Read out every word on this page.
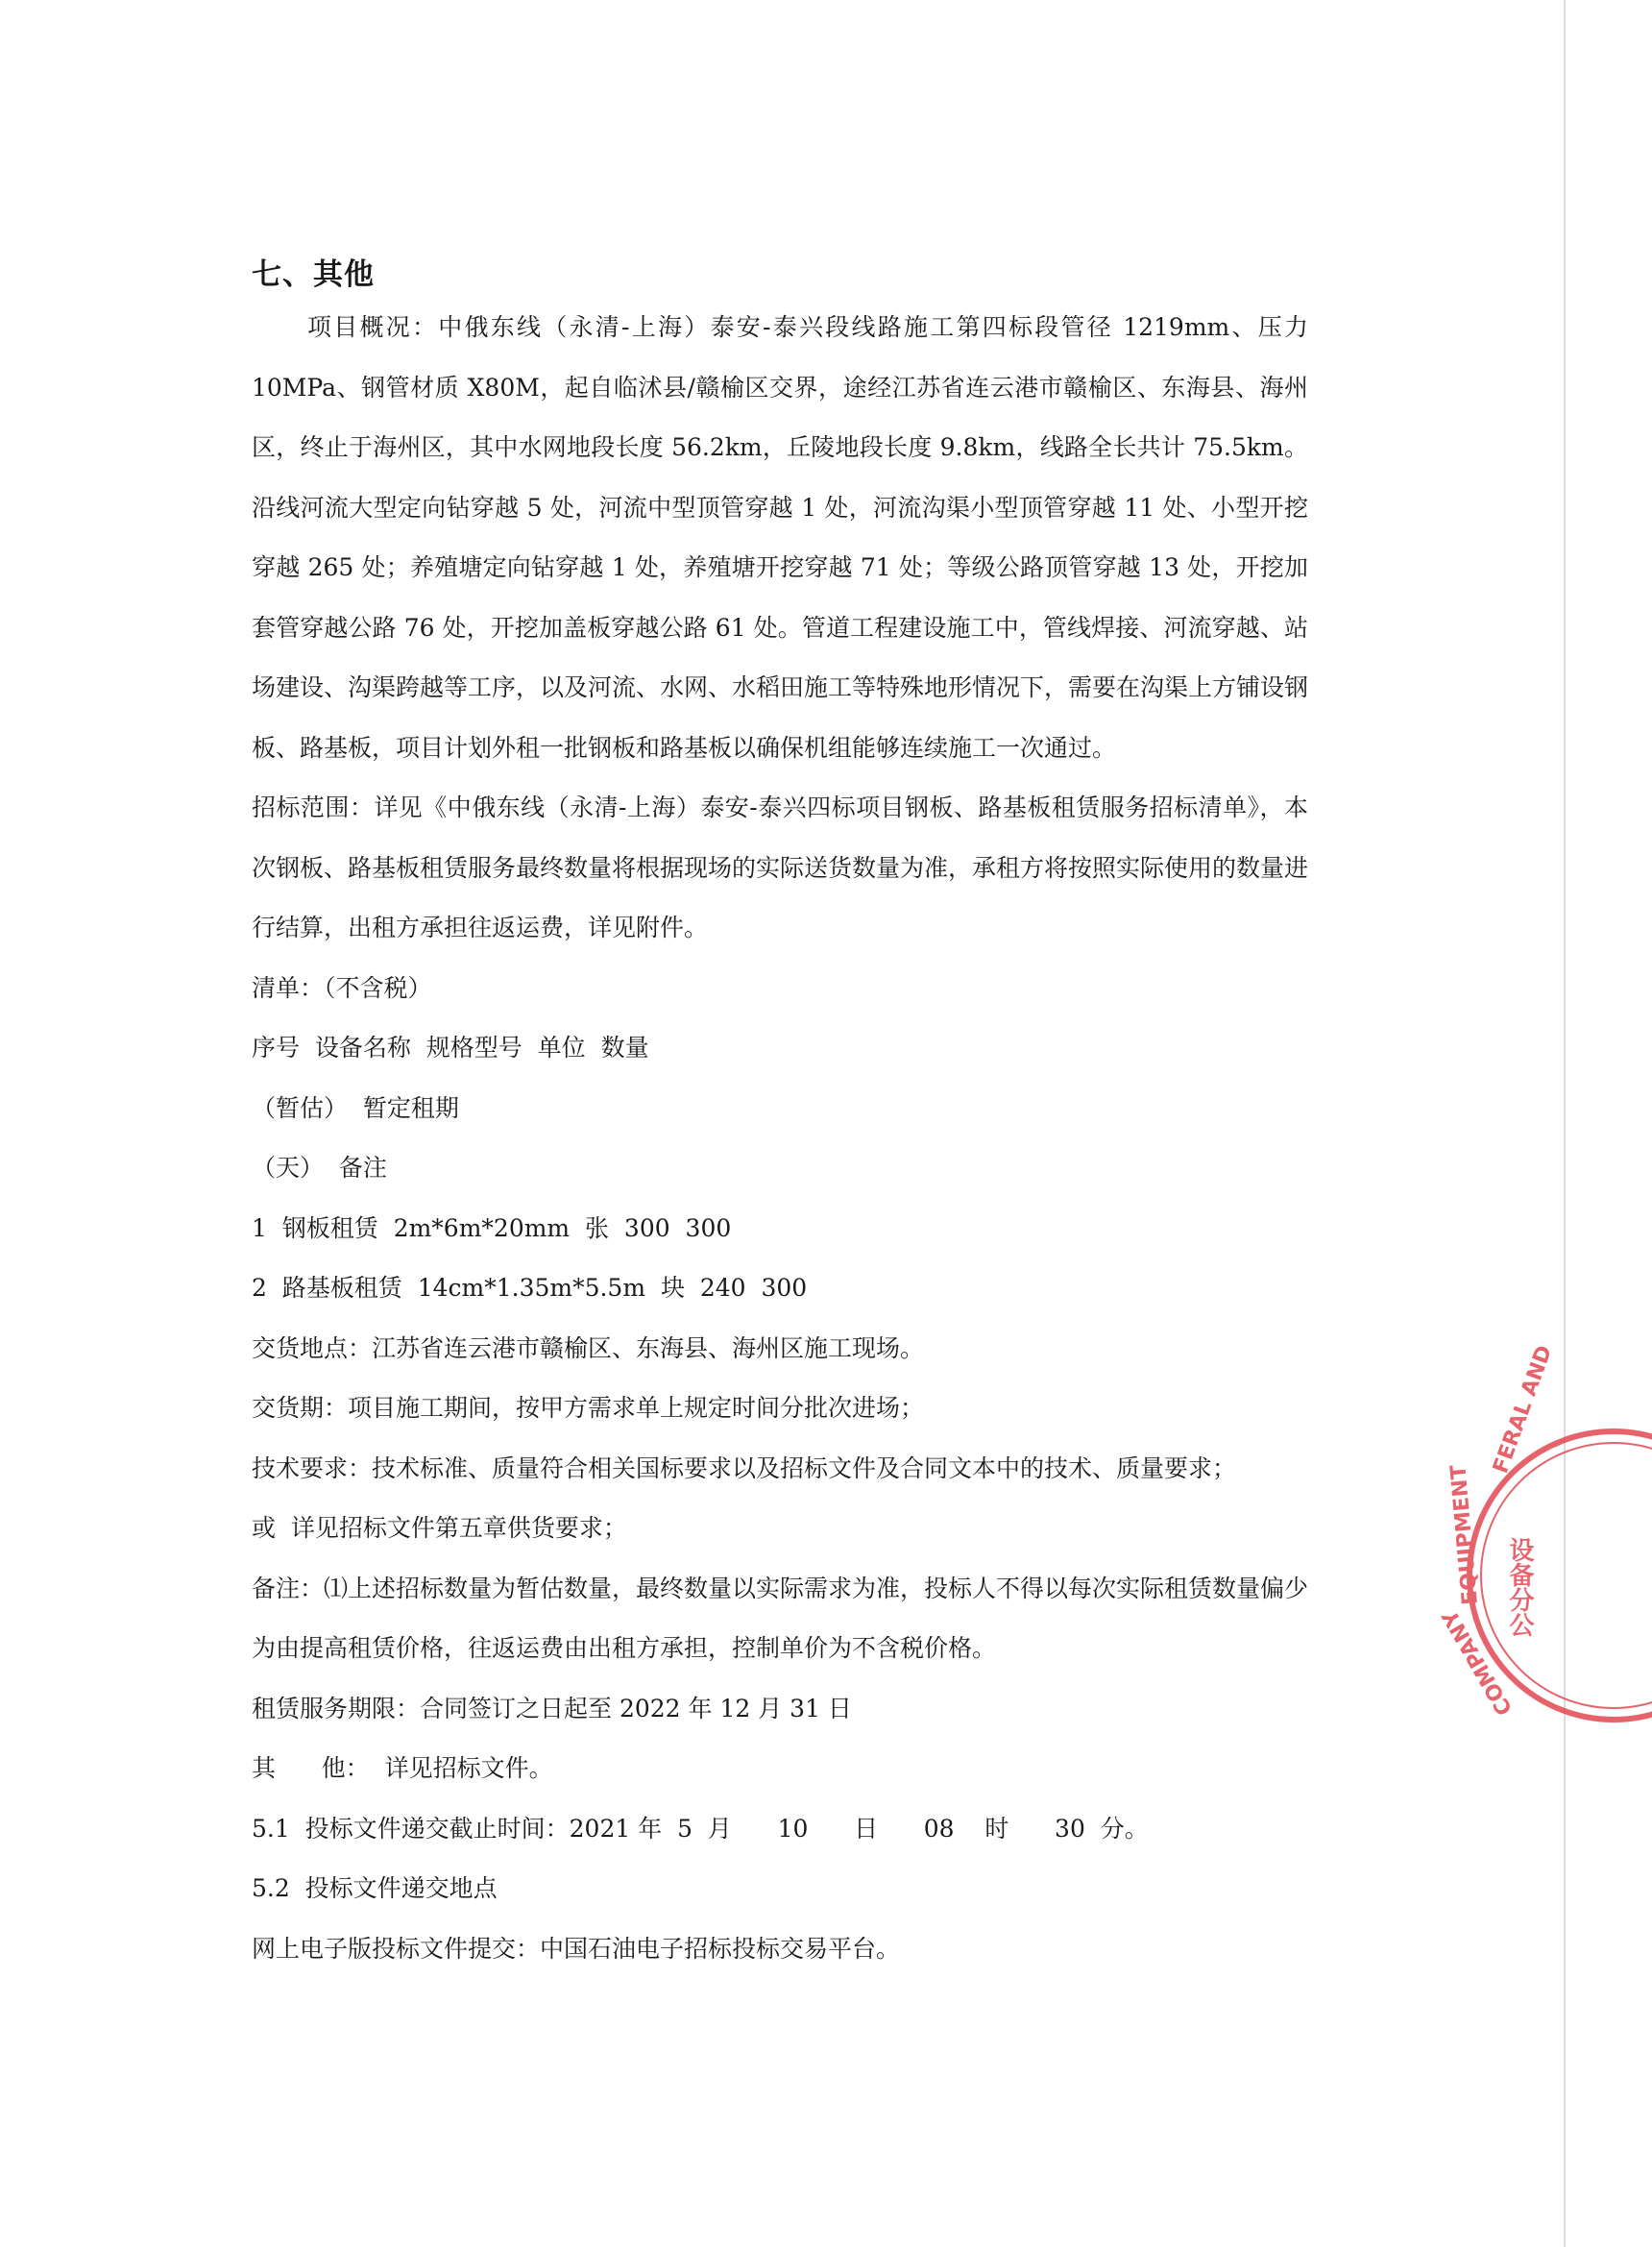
七、其他

项目概况：中俄东线（永清-上海）泰安-泰兴段线路施工第四标段管径 1219mm、压力 10MPa、钢管材质 X80M，起自临沭县/赣榆区交界，途经江苏省连云港市赣榆区、东海县、海州区，终止于海州区，其中水网地段长度 56.2km，丘陵地段长度 9.8km，线路全长共计 75.5km。沿线河流大型定向钻穿越 5 处，河流中型顶管穿越 1 处，河流沟渠小型顶管穿越 11 处、小型开挖穿越 265 处；养殖塘定向钻穿越 1 处，养殖塘开挖穿越 71 处；等级公路顶管穿越 13 处，开挖加套管穿越公路 76 处，开挖加盖板穿越公路 61 处。管道工程建设施工中，管线焊接、河流穿越、站场建设、沟渠跨越等工序，以及河流、水网、水稻田施工等特殊地形情况下，需要在沟渠上方铺设钢板、路基板，项目计划外租一批钢板和路基板以确保机组能够连续施工一次通过。

招标范围：详见《中俄东线（永清-上海）泰安-泰兴四标项目钢板、路基板租赁服务招标清单》，本次钢板、路基板租赁服务最终数量将根据现场的实际送货数量为准，承租方将按照实际使用的数量进行结算，出租方承担往返运费，详见附件。

清单：（不含税）

序号  设备名称  规格型号  单位  数量

（暂估）  暂定租期

（天）  备注

1  钢板租赁  2m*6m*20mm  张  300  300

2  路基板租赁  14cm*1.35m*5.5m  块  240  300

交货地点：江苏省连云港市赣榆区、东海县、海州区施工现场。

交货期：项目施工期间，按甲方需求单上规定时间分批次进场；

技术要求：技术标准、质量符合相关国标要求以及招标文件及合同文本中的技术、质量要求；

或  详见招标文件第五章供货要求；

备注：⑴上述招标数量为暂估数量，最终数量以实际需求为准，投标人不得以每次实际租赁数量偏少为由提高租赁价格，往返运费由出租方承担，控制单价为不含税价格。

租赁服务期限：合同签订之日起至 2022 年 12 月 31 日

其      他：  详见招标文件。

5.1  投标文件递交截止时间：2021 年  5  月      10      日      08    时      30  分。

5.2  投标文件递交地点

网上电子版投标文件提交：中国石油电子招标投标交易平台。

FERAL AND
EQUIPMENT
COMPANY
设备分公
